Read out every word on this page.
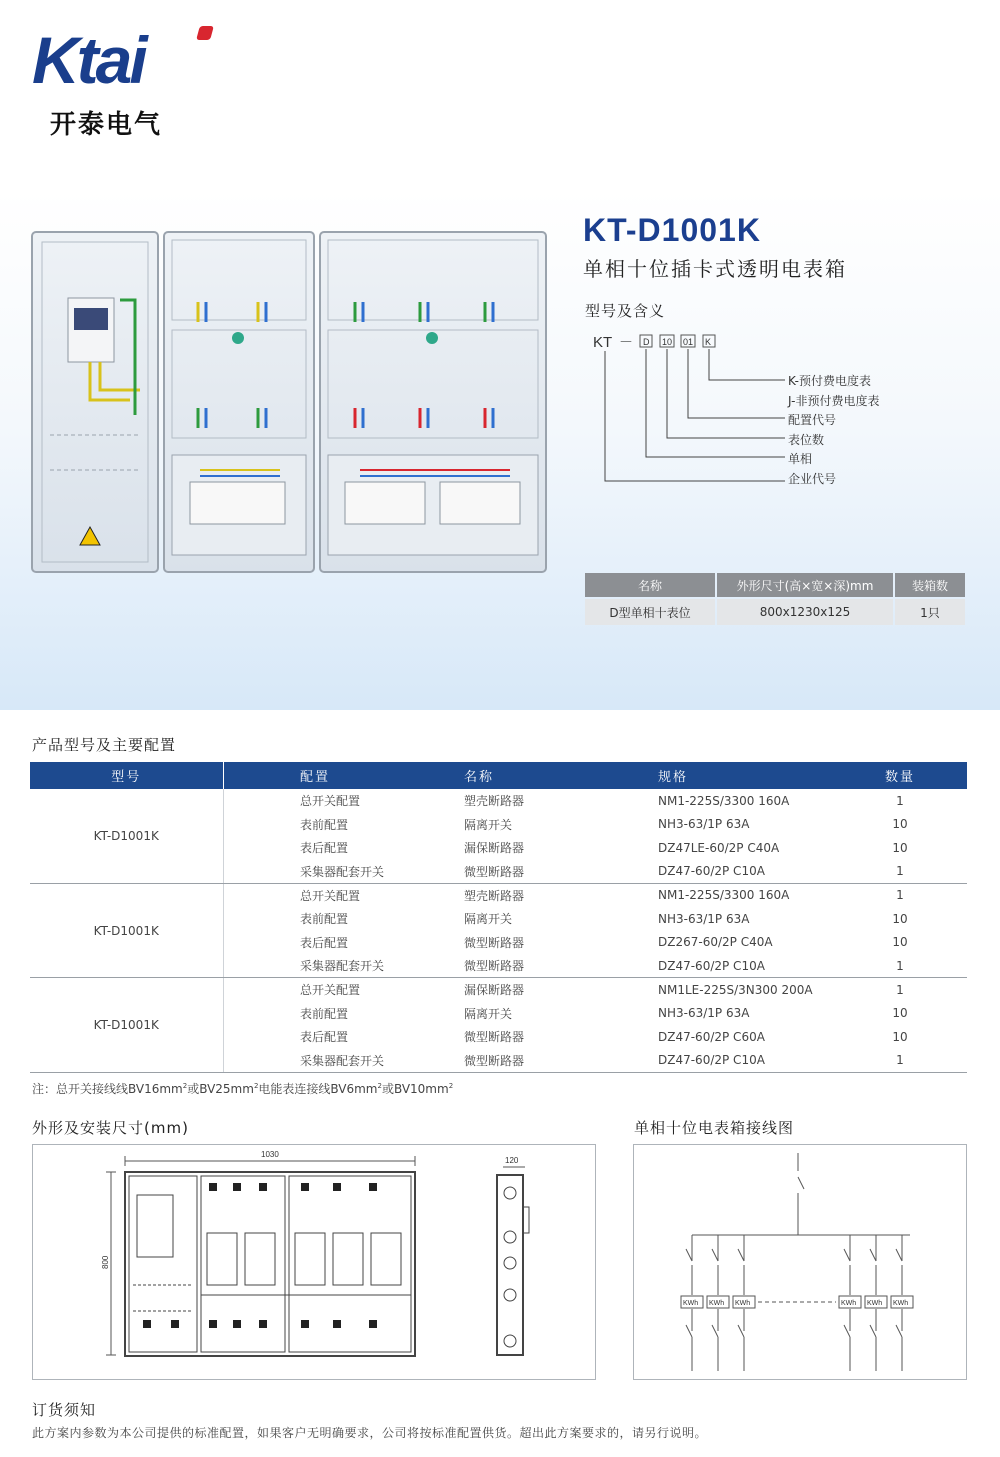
Ktai
开泰电气
KT-D1001K
单相十位插卡式透明电表箱
型号及含义
KT － D 10 01 K
K-预付费电度表
J-非预付费电度表
配置代号
表位数
单相
企业代号
名称	外形尺寸(高×宽×深)mm	装箱数
D型单相十表位	800x1230x125	1只
产品型号及主要配置
型号		配置	名称	规格	数量
KT-D1001K		总开关配置	塑壳断路器	NM1-225S/3300 160A	1
		表前配置	隔离开关	NH3-63/1P 63A	10
		表后配置	漏保断路器	DZ47LE-60/2P C40A	10
		采集器配套开关	微型断路器	DZ47-60/2P C10A	1
KT-D1001K		总开关配置	塑壳断路器	NM1-225S/3300 160A	1
		表前配置	隔离开关	NH3-63/1P 63A	10
		表后配置	微型断路器	DZ267-60/2P C40A	10
		采集器配套开关	微型断路器	DZ47-60/2P C10A	1
KT-D1001K		总开关配置	漏保断路器	NM1LE-225S/3N300 200A	1
		表前配置	隔离开关	NH3-63/1P 63A	10
		表后配置	微型断路器	DZ47-60/2P C60A	10
		采集器配套开关	微型断路器	DZ47-60/2P C10A	1
注：总开关接线线$BV16mm^2$或$BV25mm^2$电能表连接线$BV6mm^2$或$BV10mm^2$
外形及安装尺寸(mm)
1030
800
120
单相十位电表箱接线图
KWh KWh KWh	KWh KWh KWh
订货须知
此方案内参数为本公司提供的标准配置，如果客户无明确要求，公司将按标准配置供货。超出此方案要求的，请另行说明。
